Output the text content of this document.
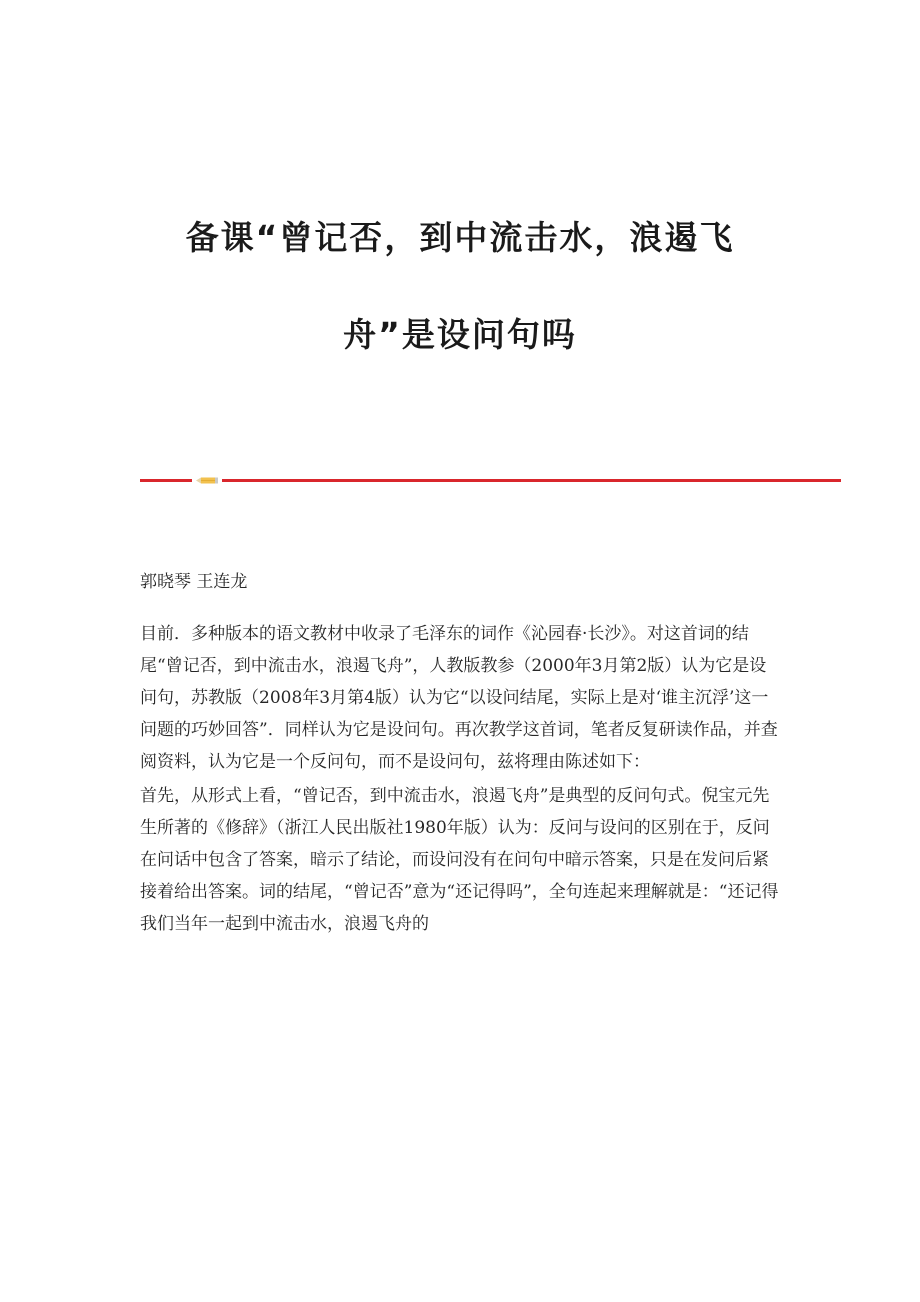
备课“曾记否，到中流击水，浪遏飞
舟”是设问句吗

郭晓琴 王连龙

目前．多种版本的语文教材中收录了毛泽东的词作《沁园春·长沙》。对这首词的结尾“曾记否，到中流击水，浪遏飞舟”，人教版教参（2000年3月第2版）认为它是设问句，苏教版（2008年3月第4版）认为它“以设问结尾，实际上是对‘谁主沉浮’这一问题的巧妙回答”．同样认为它是设问句。再次教学这首词，笔者反复研读作品，并查阅资料，认为它是一个反问句，而不是设问句，兹将理由陈述如下：

首先，从形式上看，“曾记否，到中流击水，浪遏飞舟”是典型的反问句式。倪宝元先生所著的《修辞》（浙江人民出版社1980年版）认为：反问与设问的区别在于，反问在问话中包含了答案，暗示了结论，而设问没有在问句中暗示答案，只是在发问后紧接着给出答案。词的结尾，“曾记否”意为“还记得吗”，全句连起来理解就是：“还记得我们当年一起到中流击水，浪遏飞舟的
